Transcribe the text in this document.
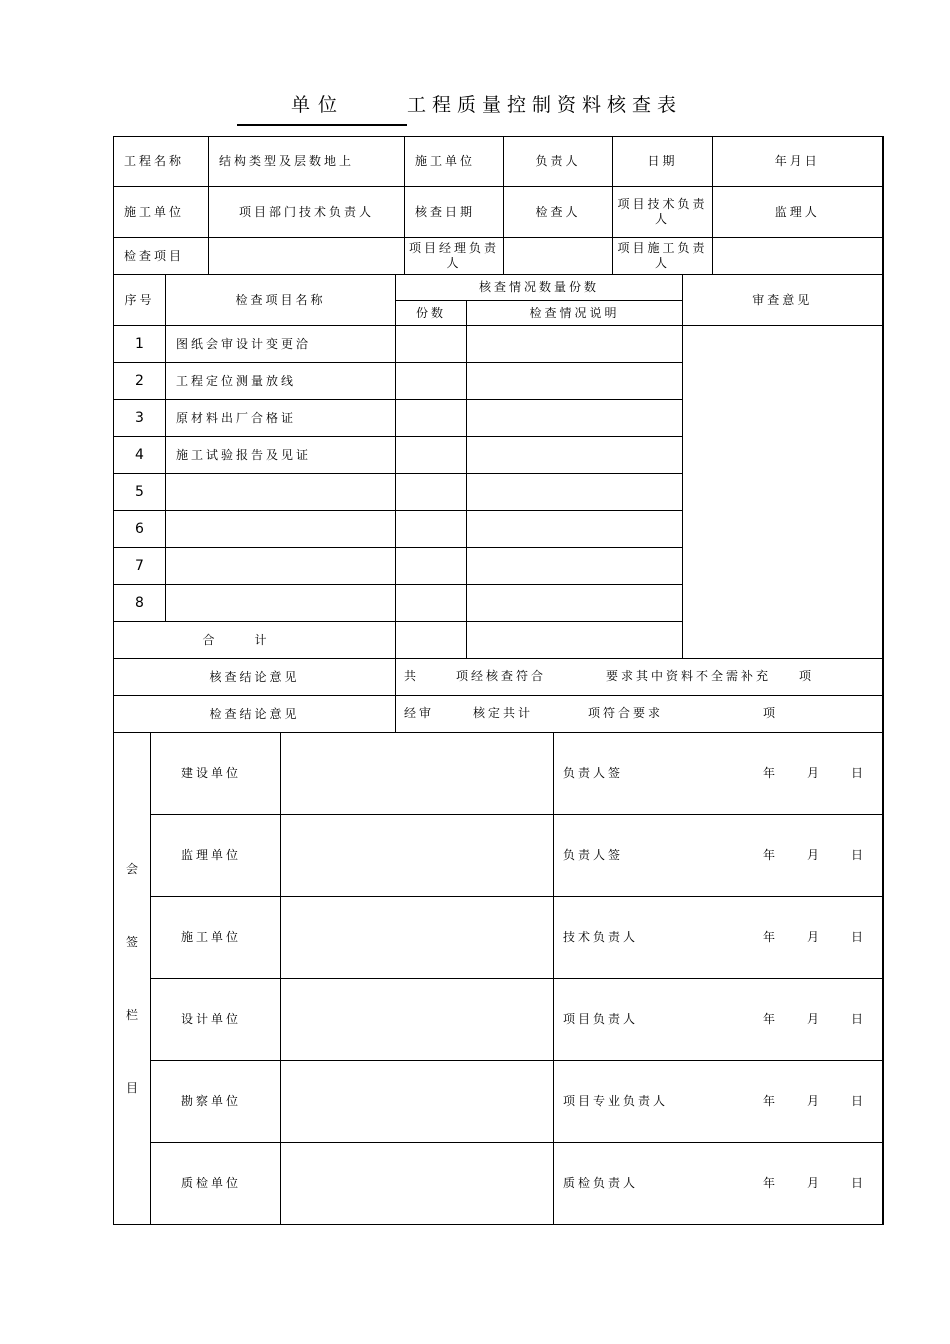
单位	工程质量控制资料核查表
工程名称	结构类型及层数地上	施工单位	负责人	日期	年月日
施工单位	项目部门技术负责人	核查日期	检查人	项目技术负责人	监理人
检查项目		项目经理负责人		项目施工负责人	
序号	检查项目名称	核查情况数量份数		审查意见
		份数	检查情况说明	
1	图纸会审设计变更洽			
2	工程定位测量放线			
3	原材料出厂合格证			
4	施工试验报告及见证			
5				
6				
7				
8				
合计				
核查结论意见	共 项经核查符合 要求其中资料不全需补充 项

检查结论意见	经审 核定共计 项符合要求 项
会签栏目	建设单位		负责人签 年 月 日

	监理单位		负责人签 年 月 日

	施工单位		技术负责人 年 月 日

	设计单位		项目负责人 年 月 日

	勘察单位		项目专业负责人 年 月 日

	质检单位		质检负责人 年 月 日
